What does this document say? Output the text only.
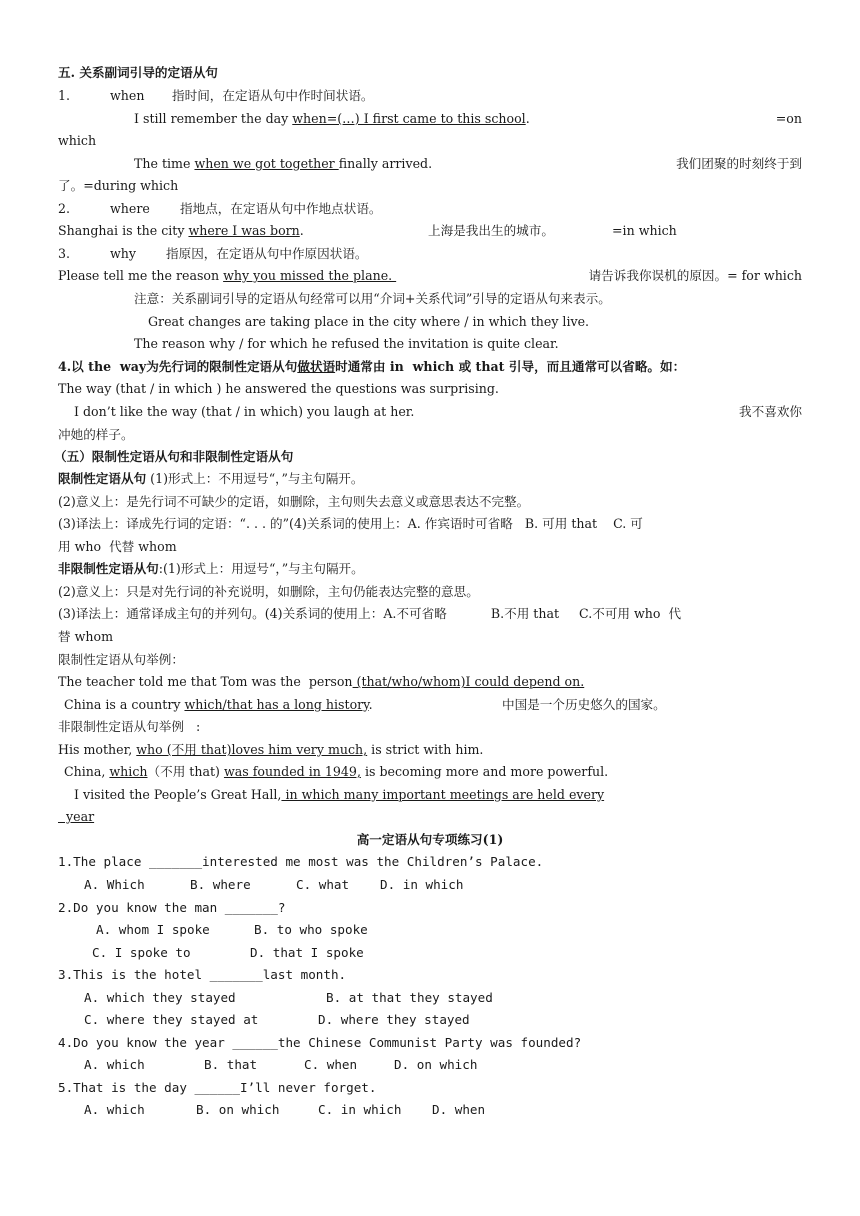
五. 关系副词引导的定语从句
1.	when 指时间，在定语从句中作时间状语。
I still remember the day when=(…) I first came to this school.	=on
which
The time when we got together finally arrived.	我们团聚的时刻终于到
了。=during which
2.	where 指地点，在定语从句中作地点状语。
Shanghai is the city where I was born.	上海是我出生的城市。	=in which
3.	why 指原因，在定语从句中作原因状语。
Please tell me the reason why you missed the plane.	请告诉我你误机的原因。= for which
注意：关系副词引导的定语从句经常可以用“介词+关系代词”引导的定语从句来表示。
Great changes are taking place in the city where / in which they live.
The reason why / for which he refused the invitation is quite clear.
4.以 the  way为先行词的限制性定语从句做状语时通常由 in  which 或 that 引导，而且通常可以省略。如：
The way (that / in which ) he answered the questions was surprising.
I don’t like the way (that / in which) you laugh at her.	我不喜欢你
冲她的样子。
（五）限制性定语从句和非限制性定语从句
限制性定语从句 (1)形式上：不用逗号“，”与主句隔开。
(2)意义上：是先行词不可缺少的定语，如删除，主句则失去意义或意思表达不完整。
(3)译法上：译成先行词的定语：“. . . 的”(4)关系词的使用上：A. 作宾语时可省略   B. 可用 that    C. 可
用 who  代替 whom
非限制性定语从句:(1)形式上：用逗号“，”与主句隔开。
(2)意义上：只是对先行词的补充说明，如删除，主句仍能表达完整的意思。
(3)译法上：通常译成主句的并列句。(4)关系词的使用上：A.不可省略           B.不用 that     C.不可用 who  代
替 whom
限制性定语从句举例：
The teacher told me that Tom was the  person (that/who/whom)I could depend on.
China is a country which/that has a long history.	中国是一个历史悠久的国家。
非限制性定语从句举例   :
His mother, who (不用 that)loves him very much, is strict with him.
China, which（不用 that) was founded in 1949, is becoming more and more powerful.
I visited the People’s Great Hall, in which many important meetings are held every
year
高一定语从句专项练习(1)
1.The place _______interested me most was the Children’s Palace.
A. Which	B. where	C. what D. in which
2.Do you know the man _______?
A. whom I spoke	B. to who spoke
C. I spoke to	D. that I spoke
3.This is the hotel _______last month.
A. which they stayed	B. at that they stayed
C. where they stayed at	D. where they stayed
4.Do you know the year ______the Chinese Communist Party was founded?
A. which	B. that	C. when	D. on which
5.That is the day ______I’ll never forget.
A. which	B. on which	C. in which D. when
